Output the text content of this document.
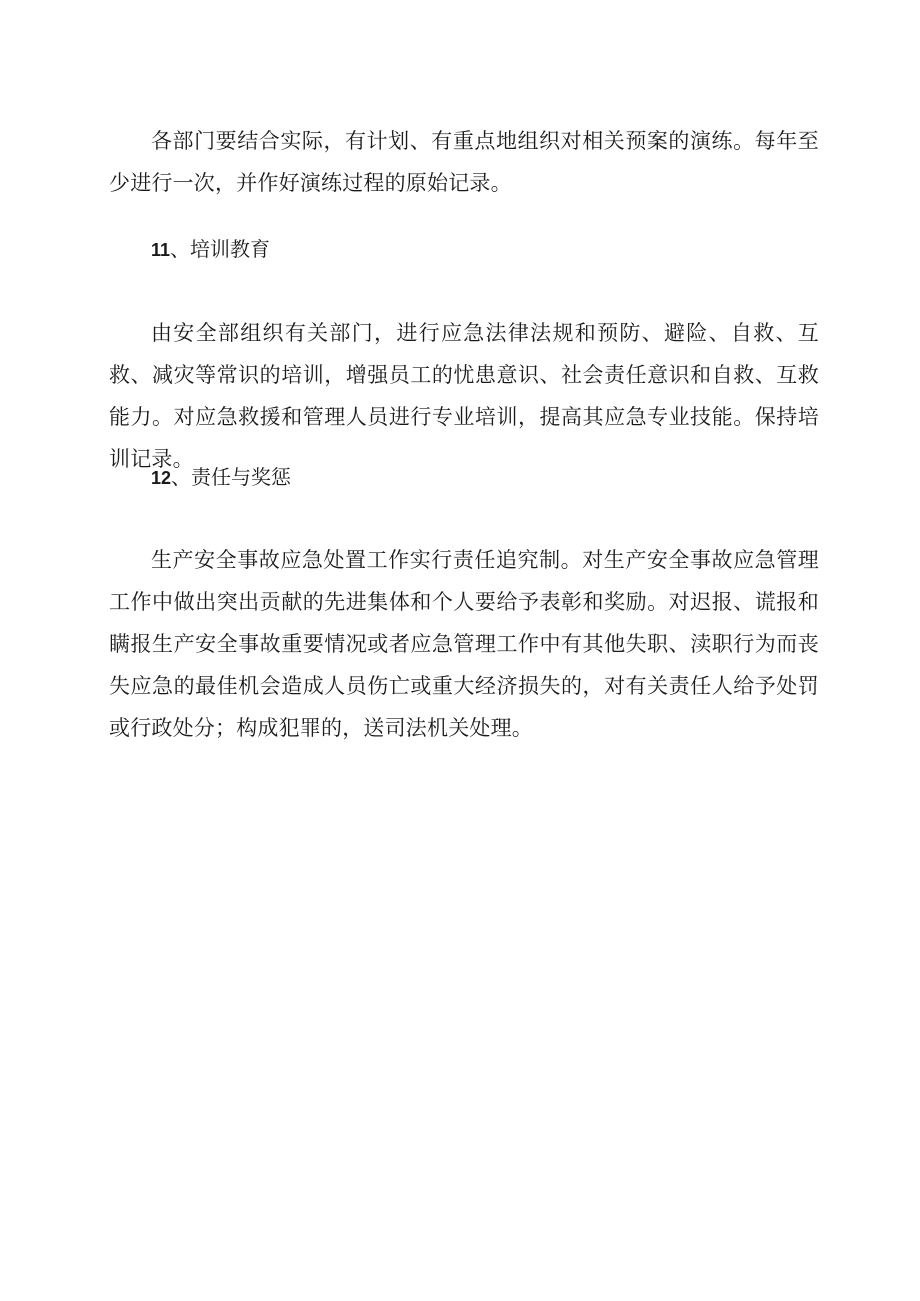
各部门要结合实际，有计划、有重点地组织对相关预案的演练。每年至少进行一次，并作好演练过程的原始记录。

11、培训教育

由安全部组织有关部门，进行应急法律法规和预防、避险、自救、互救、减灾等常识的培训，增强员工的忧患意识、社会责任意识和自救、互救能力。对应急救援和管理人员进行专业培训，提高其应急专业技能。保持培训记录。

12、责任与奖惩

生产安全事故应急处置工作实行责任追究制。对生产安全事故应急管理工作中做出突出贡献的先进集体和个人要给予表彰和奖励。对迟报、谎报和瞒报生产安全事故重要情况或者应急管理工作中有其他失职、渎职行为而丧失应急的最佳机会造成人员伤亡或重大经济损失的，对有关责任人给予处罚或行政处分；构成犯罪的，送司法机关处理。
